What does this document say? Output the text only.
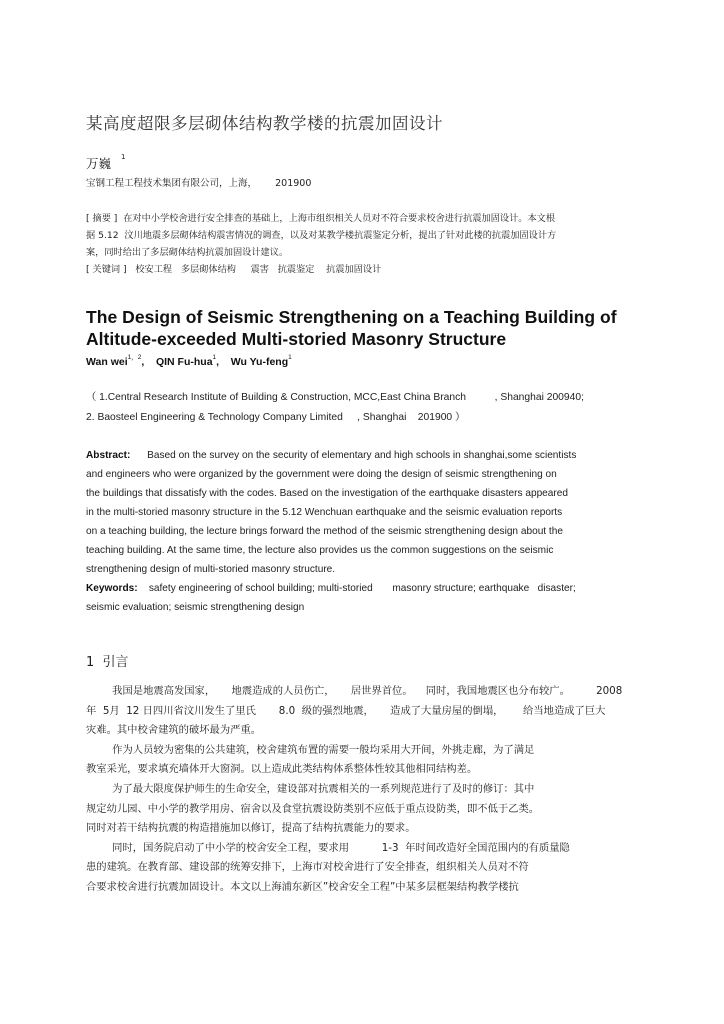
某高度超限多层砌体结构教学楼的抗震加固设计
万巍 $^1$
宝钢工程工程技术集团有限公司，上海，      201900
[ 摘要 ]  在对中小学校舍进行安全排查的基础上，上海市组织相关人员对不符合要求校舍进行抗震加固设计。本文根
据 5.12  汶川地震多层砌体结构震害情况的调查，以及对某教学楼抗震鉴定分析，提出了针对此楼的抗震加固设计方
案，同时给出了多层砌体结构抗震加固设计建议。
[ 关键词 ]   校安工程   多层砌体结构     震害   抗震鉴定    抗震加固设计
The Design of Seismic Strengthening on a Teaching Building of
Altitude-exceeded Multi-storied Masonry Structure
Wan wei$^{1,2}$,    QIN Fu-hua$^1$,    Wu Yu-feng$^1$
（ 1.Central Research Institute of Building & Construction, MCC,East China Branch          , Shanghai 200940;
2. Baosteel Engineering & Technology Company Limited     , Shanghai    201900 ）
Abstract:      Based on the survey on the security of elementary and high schools in shanghai,some scientists
and engineers who were organized by the government were doing the design of seismic strengthening on
the buildings that dissatisfy with the codes. Based on the investigation of the earthquake disasters appeared
in the multi-storied masonry structure in the 5.12 Wenchuan earthquake and the seismic evaluation reports
on a teaching building, the lecture brings forward the method of the seismic strengthening design about the
teaching building. At the same time, the lecture also provides us the common suggestions on the seismic
strengthening design of multi-storied masonry structure.
Keywords:    safety engineering of school building; multi-storied       masonry structure; earthquake   disaster;
seismic evaluation; seismic strengthening design
1  引言
我国是地震高发国家，     地震造成的人员伤亡，     居世界首位。    同时，我国地震区也分布较广。        2008
年  5月  12 日四川省汶川发生了里氏       8.0  级的强烈地震，     造成了大量房屋的倒塌，      给当地造成了巨大
灾难。其中校舍建筑的破坏最为严重。
作为人员较为密集的公共建筑，校舍建筑布置的需要一般均采用大开间，外挑走廊，为了满足
教室采光，要求填充墙体开大窗洞。以上造成此类结构体系整体性较其他相同结构差。
为了最大限度保护师生的生命安全，建设部对抗震相关的一系列规范进行了及时的修订：其中
规定幼儿园、中小学的教学用房、宿舍以及食堂抗震设防类别不应低于重点设防类，即不低于乙类。
同时对若干结构抗震的构造措施加以修订，提高了结构抗震能力的要求。
同时，国务院启动了中小学的校舍安全工程，要求用          1-3  年时间改造好全国范围内的有质量隐
患的建筑。在教育部、建设部的统筹安排下，上海市对校舍进行了安全排查，组织相关人员对不符
合要求校舍进行抗震加固设计。本文以上海浦东新区”校舍安全工程”中某多层框架结构教学楼抗
